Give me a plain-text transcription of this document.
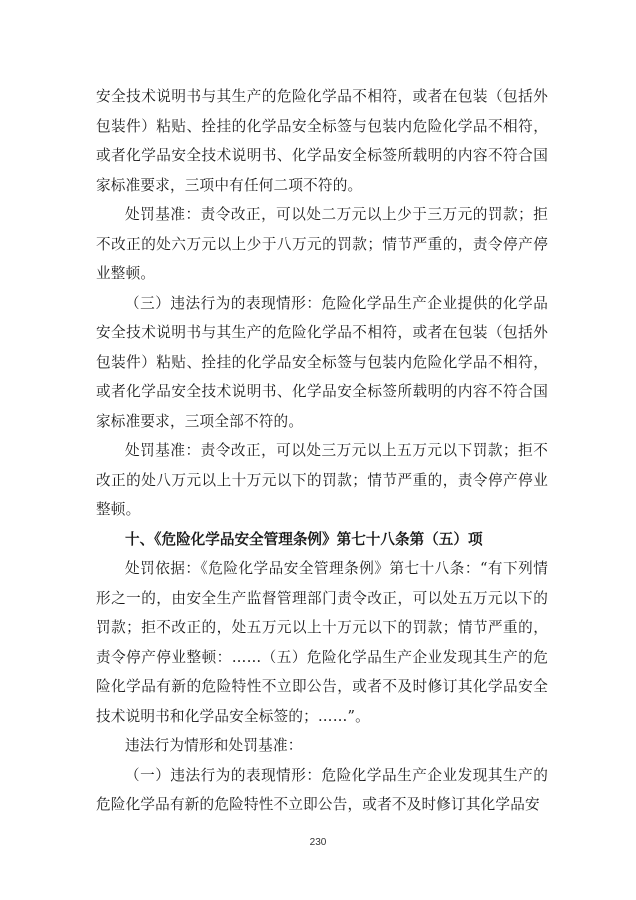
安全技术说明书与其生产的危险化学品不相符，或者在包装（包括外包装件）粘贴、拴挂的化学品安全标签与包装内危险化学品不相符，或者化学品安全技术说明书、化学品安全标签所载明的内容不符合国家标准要求，三项中有任何二项不符的。

处罚基准：责令改正，可以处二万元以上少于三万元的罚款；拒不改正的处六万元以上少于八万元的罚款；情节严重的，责令停产停业整顿。

（三）违法行为的表现情形：危险化学品生产企业提供的化学品安全技术说明书与其生产的危险化学品不相符，或者在包装（包括外包装件）粘贴、拴挂的化学品安全标签与包装内危险化学品不相符，或者化学品安全技术说明书、化学品安全标签所载明的内容不符合国家标准要求，三项全部不符的。

处罚基准：责令改正，可以处三万元以上五万元以下罚款；拒不改正的处八万元以上十万元以下的罚款；情节严重的，责令停产停业整顿。

十、《危险化学品安全管理条例》第七十八条第（五）项

处罚依据：《危险化学品安全管理条例》第七十八条：“有下列情形之一的，由安全生产监督管理部门责令改正，可以处五万元以下的罚款；拒不改正的，处五万元以上十万元以下的罚款；情节严重的，责令停产停业整顿：……（五）危险化学品生产企业发现其生产的危险化学品有新的危险特性不立即公告，或者不及时修订其化学品安全技术说明书和化学品安全标签的；……”。

违法行为情形和处罚基准：

（一）违法行为的表现情形：危险化学品生产企业发现其生产的危险化学品有新的危险特性不立即公告，或者不及时修订其化学品安

230
